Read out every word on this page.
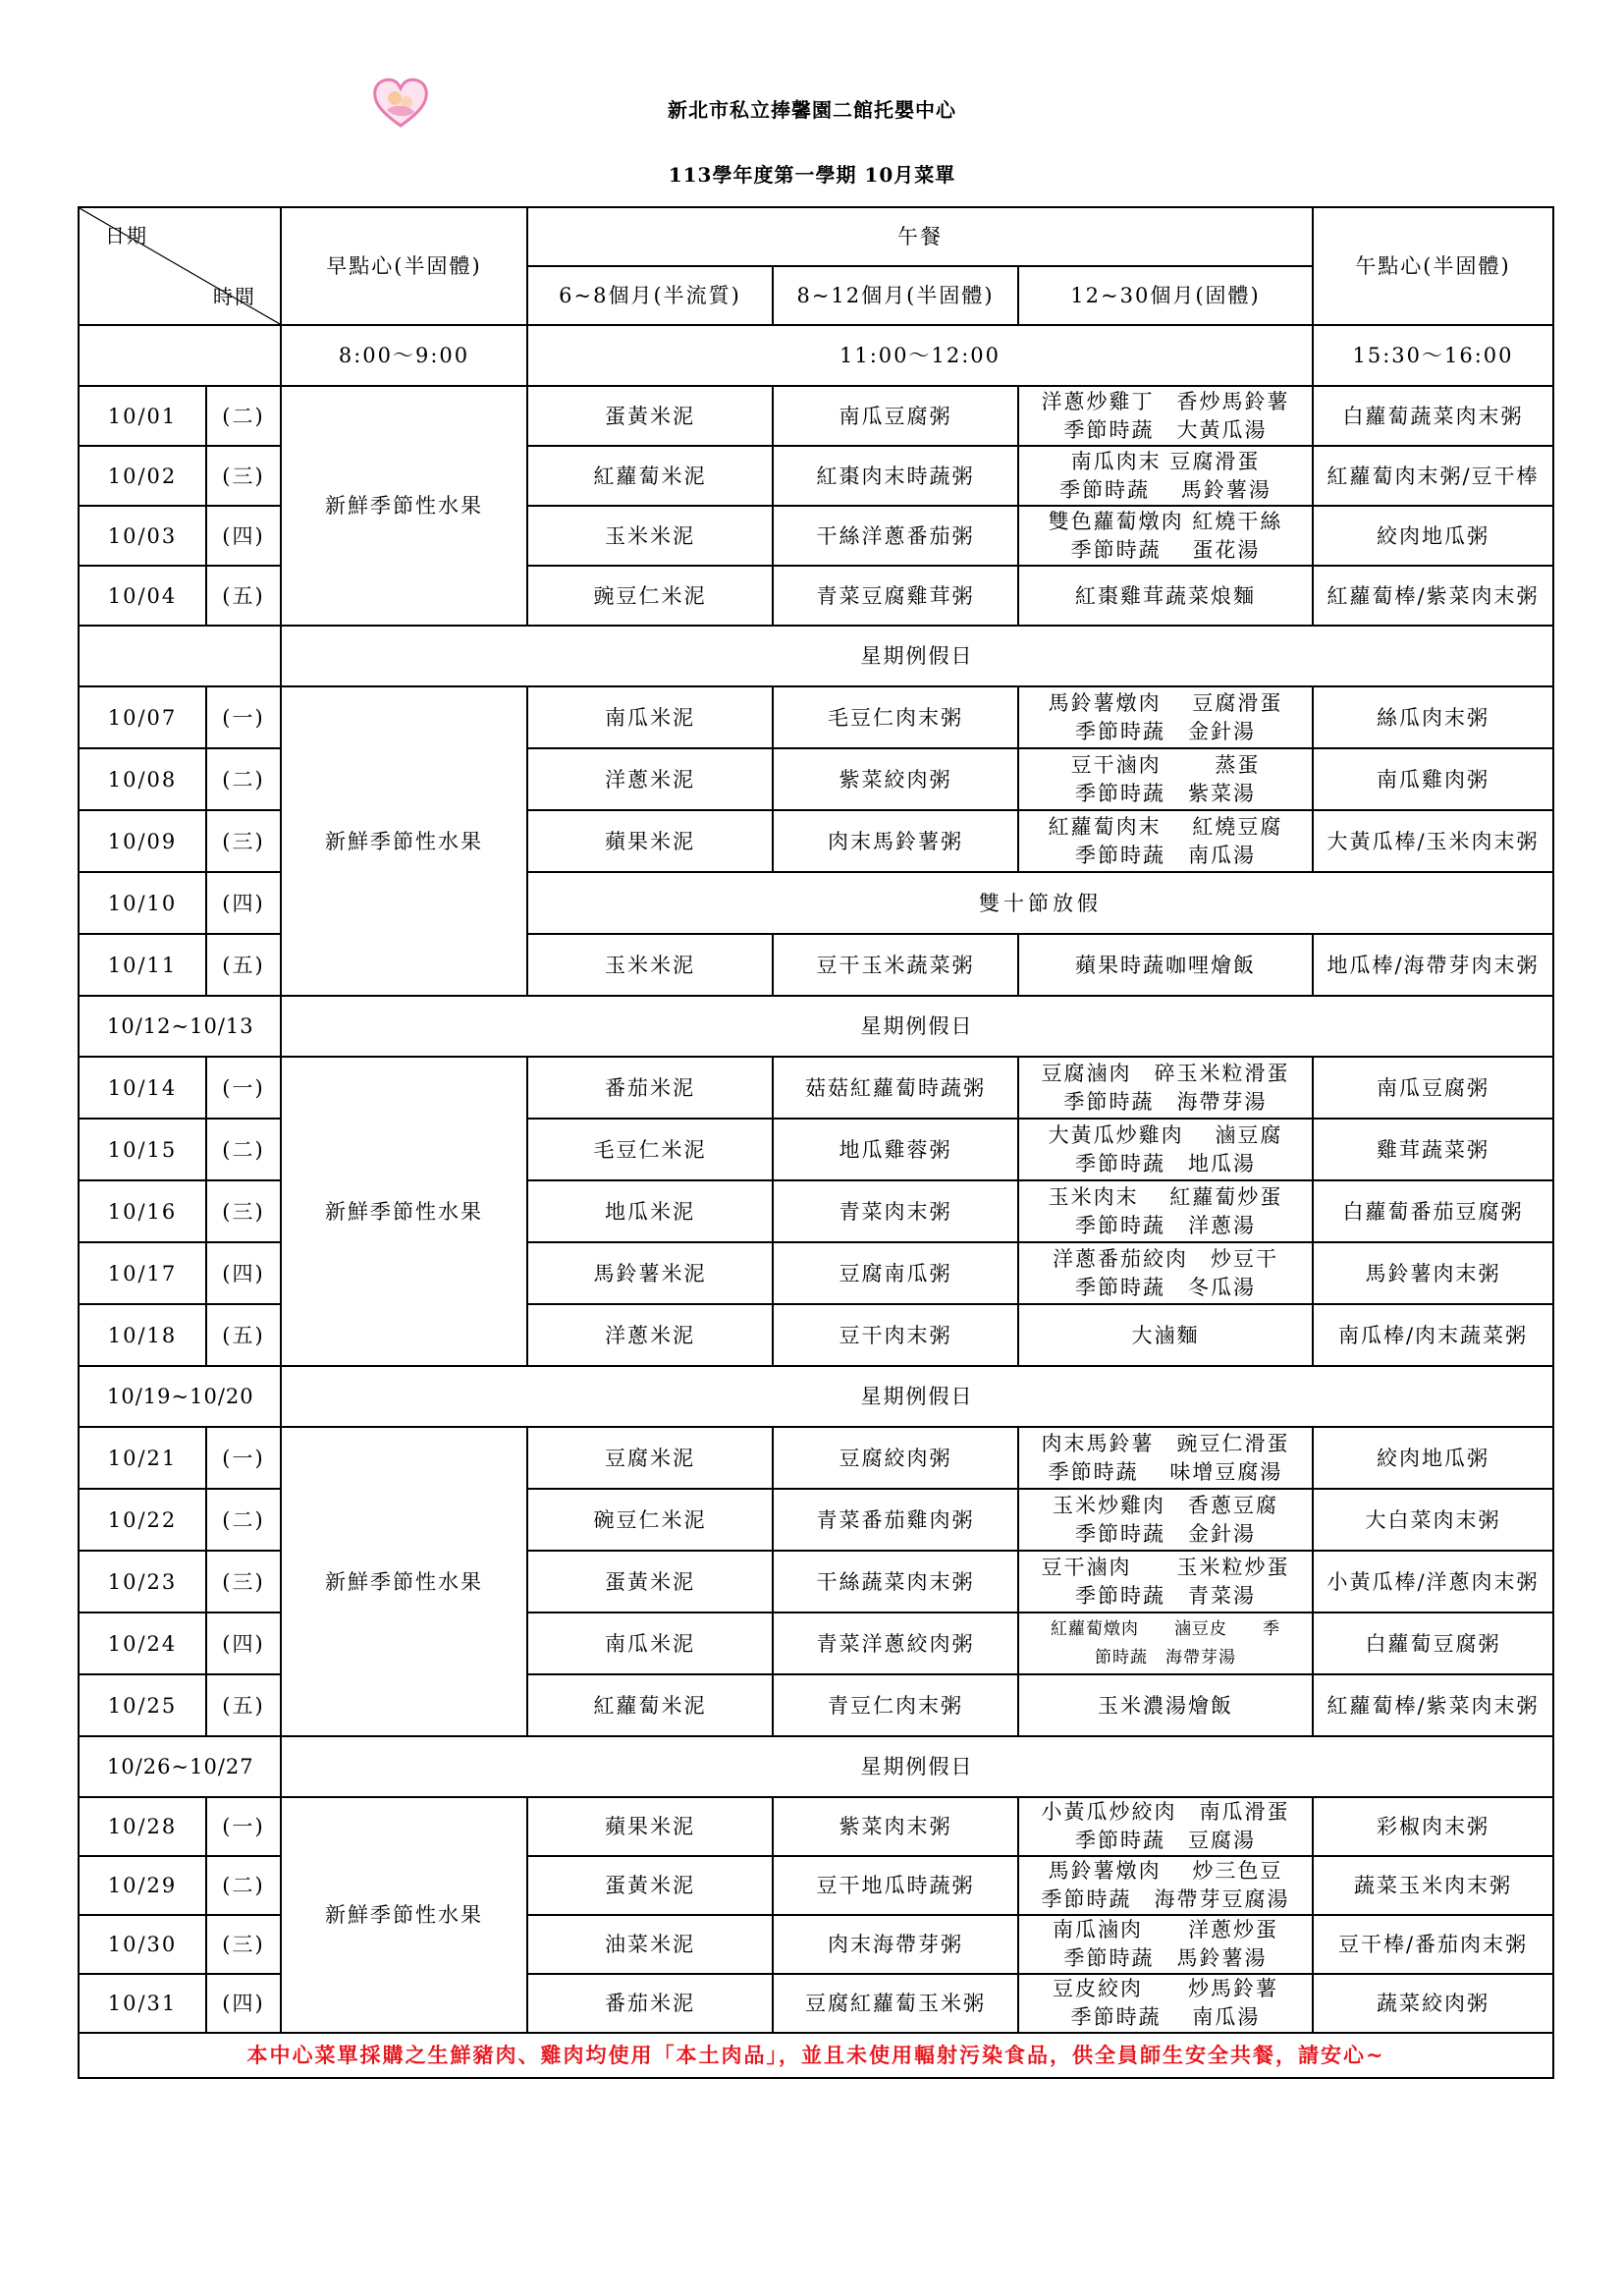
新北市私立捧馨園二館托嬰中心
113學年度第一學期 10月菜單
日期
時間		早點心(半固體)	午餐			午點心(半固體)
			6~8個月(半流質)	8~12個月(半固體)	12~30個月(固體)	
		8:00～9:00	11:00～12:00			15:30～16:00
10/01	(二)	新鮮季節性水果	蛋黃米泥	南瓜豆腐粥	洋蔥炒雞丁　香炒馬鈴薯
季節時蔬　大黃瓜湯	白蘿蔔蔬菜肉末粥
10/02	(三)		紅蘿蔔米泥	紅棗肉末時蔬粥	南瓜肉末 豆腐滑蛋
季節時蔬　 馬鈴薯湯	紅蘿蔔肉末粥/豆干棒
10/03	(四)		玉米米泥	干絲洋蔥番茄粥	雙色蘿蔔燉肉 紅燒干絲
季節時蔬　 蛋花湯	絞肉地瓜粥
10/04	(五)		豌豆仁米泥	青菜豆腐雞茸粥	紅棗雞茸蔬菜烺麵	紅蘿蔔棒/紫菜肉末粥
		星期例假日				
10/07	(一)	新鮮季節性水果	南瓜米泥	毛豆仁肉末粥	馬鈴薯燉肉　 豆腐滑蛋
季節時蔬　金針湯	絲瓜肉末粥
10/08	(二)		洋蔥米泥	紫菜絞肉粥	豆干滷肉　　 蒸蛋
季節時蔬　紫菜湯	南瓜雞肉粥
10/09	(三)		蘋果米泥	肉末馬鈴薯粥	紅蘿蔔肉末　 紅燒豆腐
季節時蔬　南瓜湯	大黃瓜棒/玉米肉末粥
10/10	(四)		雙十節放假			
10/11	(五)		玉米米泥	豆干玉米蔬菜粥	蘋果時蔬咖哩燴飯	地瓜棒/海帶芽肉末粥
10/12~10/13		星期例假日				
10/14	(一)	新鮮季節性水果	番茄米泥	菇菇紅蘿蔔時蔬粥	豆腐滷肉　碎玉米粒滑蛋
季節時蔬　海帶芽湯	南瓜豆腐粥
10/15	(二)		毛豆仁米泥	地瓜雞蓉粥	大黃瓜炒雞肉　 滷豆腐
季節時蔬　地瓜湯	雞茸蔬菜粥
10/16	(三)		地瓜米泥	青菜肉末粥	玉米肉末　 紅蘿蔔炒蛋
季節時蔬　洋蔥湯	白蘿蔔番茄豆腐粥
10/17	(四)		馬鈴薯米泥	豆腐南瓜粥	洋蔥番茄絞肉　炒豆干
季節時蔬　冬瓜湯	馬鈴薯肉末粥
10/18	(五)		洋蔥米泥	豆干肉末粥	大滷麵	南瓜棒/肉末蔬菜粥
10/19~10/20		星期例假日				
10/21	(一)	新鮮季節性水果	豆腐米泥	豆腐絞肉粥	肉末馬鈴薯　豌豆仁滑蛋
季節時蔬　 味增豆腐湯	絞肉地瓜粥
10/22	(二)		碗豆仁米泥	青菜番茄雞肉粥	玉米炒雞肉　香蔥豆腐
季節時蔬　金針湯	大白菜肉末粥
10/23	(三)		蛋黃米泥	干絲蔬菜肉末粥	豆干滷肉　　玉米粒炒蛋
季節時蔬　青菜湯	小黃瓜棒/洋蔥肉末粥
10/24	(四)		南瓜米泥	青菜洋蔥絞肉粥	紅蘿蔔燉肉　　滷豆皮　　季
節時蔬　海帶芽湯	白蘿蔔豆腐粥
10/25	(五)		紅蘿蔔米泥	青豆仁肉末粥	玉米濃湯燴飯	紅蘿蔔棒/紫菜肉末粥
10/26~10/27		星期例假日				
10/28	(一)	新鮮季節性水果	蘋果米泥	紫菜肉末粥	小黃瓜炒絞肉　南瓜滑蛋
季節時蔬　豆腐湯	彩椒肉末粥
10/29	(二)		蛋黃米泥	豆干地瓜時蔬粥	馬鈴薯燉肉　 炒三色豆
季節時蔬　海帶芽豆腐湯	蔬菜玉米肉末粥
10/30	(三)		油菜米泥	肉末海帶芽粥	南瓜滷肉　　洋蔥炒蛋
季節時蔬　馬鈴薯湯	豆干棒/番茄肉末粥
10/31	(四)		番茄米泥	豆腐紅蘿蔔玉米粥	豆皮絞肉　　炒馬鈴薯
季節時蔬　 南瓜湯	蔬菜絞肉粥
本中心菜單採購之生鮮豬肉、雞肉均使用「本土肉品」，並且未使用輻射污染食品，供全員師生安全共餐，請安心~						
